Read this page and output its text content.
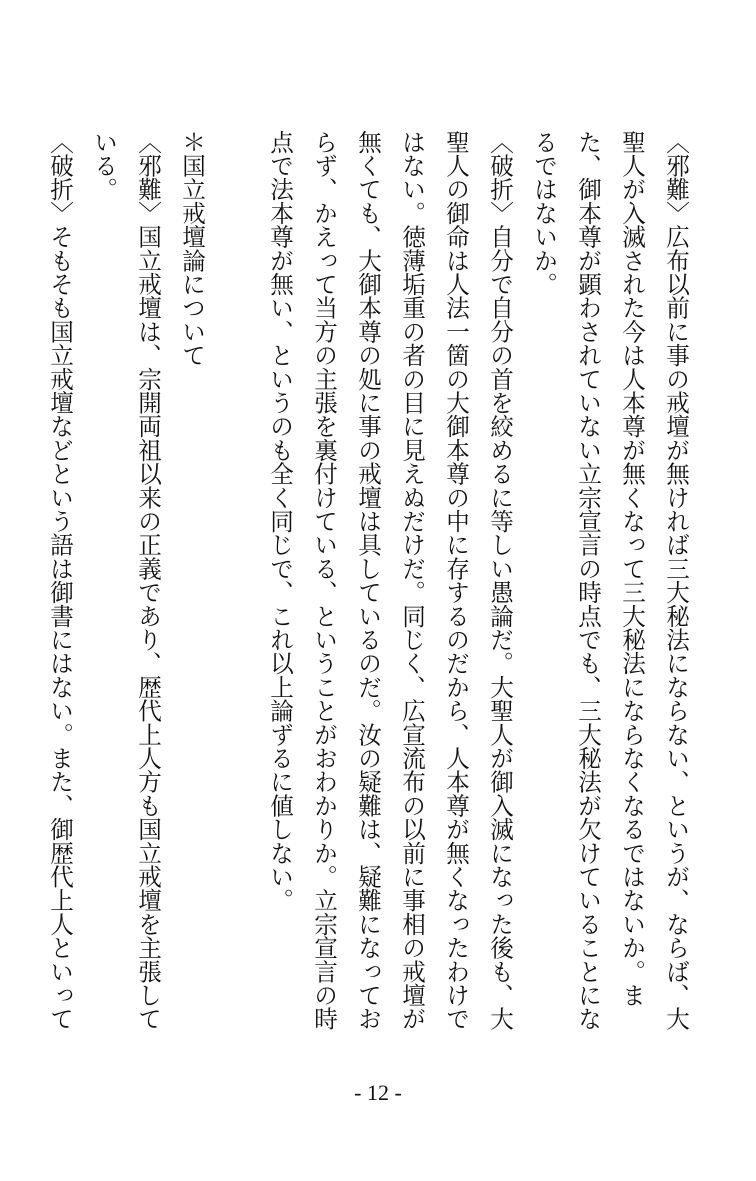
〈邪難〉広布以前に事の戒壇が無ければ三大秘法にならない、というが、ならば、大聖人が入滅された今は人本尊が無くなって三大秘法にならなくなるではないか。また、御本尊が顕わされていない立宗宣言の時点でも、三大秘法が欠けていることになるではないか。

〈破折〉自分で自分の首を絞めるに等しい愚論だ。大聖人が御入滅になった後も、大聖人の御命は人法一箇の大御本尊の中に存するのだから、人本尊が無くなったわけではない。徳薄垢重の者の目に見えぬだけだ。同じく、広宣流布の以前に事相の戒壇が無くても、大御本尊の処に事の戒壇は具しているのだ。汝の疑難は、疑難になっておらず、かえって当方の主張を裏付けている、ということがおわかりか。立宗宣言の時点で法本尊が無い、というのも全く同じで、これ以上論ずるに値しない。

＊国立戒壇論について

〈邪難〉国立戒壇は、宗開両祖以来の正義であり、歴代上人方も国立戒壇を主張している。

〈破折〉そもそも国立戒壇などという語は御書にはない。また、御歴代上人といって

- 12 -
